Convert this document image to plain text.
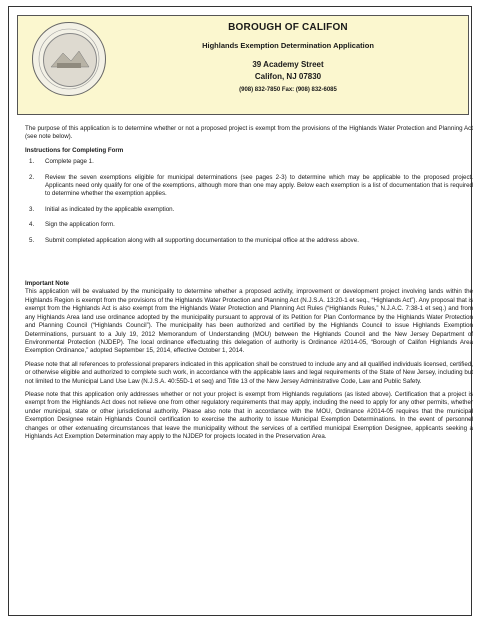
BOROUGH OF CALIFON
Highlands Exemption Determination Application
39 Academy Street
Califon, NJ 07830
(908) 832-7850 Fax: (908) 832-6085

The purpose of this application is to determine whether or not a proposed project is exempt from the provisions of the Highlands Water Protection and Planning Act (see note below).

Instructions for Completing Form
1. Complete page 1.
2. Review the seven exemptions eligible for municipal determinations (see pages 2-3) to determine which may be applicable to the proposed project. Applicants need only qualify for one of the exemptions, although more than one may apply. Below each exemption is a list of documentation that is required to determine whether the exemption applies.
3. Initial as indicated by the applicable exemption.
4. Sign the application form.
5. Submit completed application along with all supporting documentation to the municipal office at the address above.
Important Note

This application will be evaluated by the municipality to determine whether a proposed activity, improvement or development project involving lands within the Highlands Region is exempt from the provisions of the Highlands Water Protection and Planning Act (N.J.S.A. 13:20-1 et seq., “Highlands Act”). Any proposal that is exempt from the Highlands Act is also exempt from the Highlands Water Protection and Planning Act Rules (“Highlands Rules,” N.J.A.C. 7:38-1 et seq.) and from any Highlands Area land use ordinance adopted by the municipality pursuant to approval of its Petition for Plan Conformance by the Highlands Water Protection and Planning Council (“Highlands Council”). The municipality has been authorized and certified by the Highlands Council to issue Highlands Exemption Determinations, pursuant to a July 19, 2012 Memorandum of Understanding (MOU) between the Highlands Council and the New Jersey Department of Environmental Protection (NJDEP). The local ordinance effectuating this delegation of authority is Ordinance #2014-05, “Borough of Califon Highlands Area Exemption Ordinance,” adopted September 15, 2014, effective October 1, 2014.

Please note that all references to professional preparers indicated in this application shall be construed to include any and all qualified individuals licensed, certified, or otherwise eligible and authorized to complete such work, in accordance with the applicable laws and legal requirements of the State of New Jersey, including but not limited to the Municipal Land Use Law (N.J.S.A. 40:55D-1 et seq) and Title 13 of the New Jersey Administrative Code, Law and Public Safety.

Please note that this application only addresses whether or not your project is exempt from Highlands regulations (as listed above). Certification that a project is exempt from the Highlands Act does not relieve one from other regulatory requirements that may apply, including the need to apply for any other permits, whether under municipal, state or other jurisdictional authority. Please also note that in accordance with the MOU, Ordinance #2014-05 requires that the municipal Exemption Designee retain Highlands Council certification to exercise the authority to issue Municipal Exemption Determinations. In the event of personnel changes or other extenuating circumstances that leave the municipality without the services of a certified municipal Exemption Designee, applicants seeking a Highlands Act Exemption Determination may apply to the NJDEP for projects located in the Preservation Area.
